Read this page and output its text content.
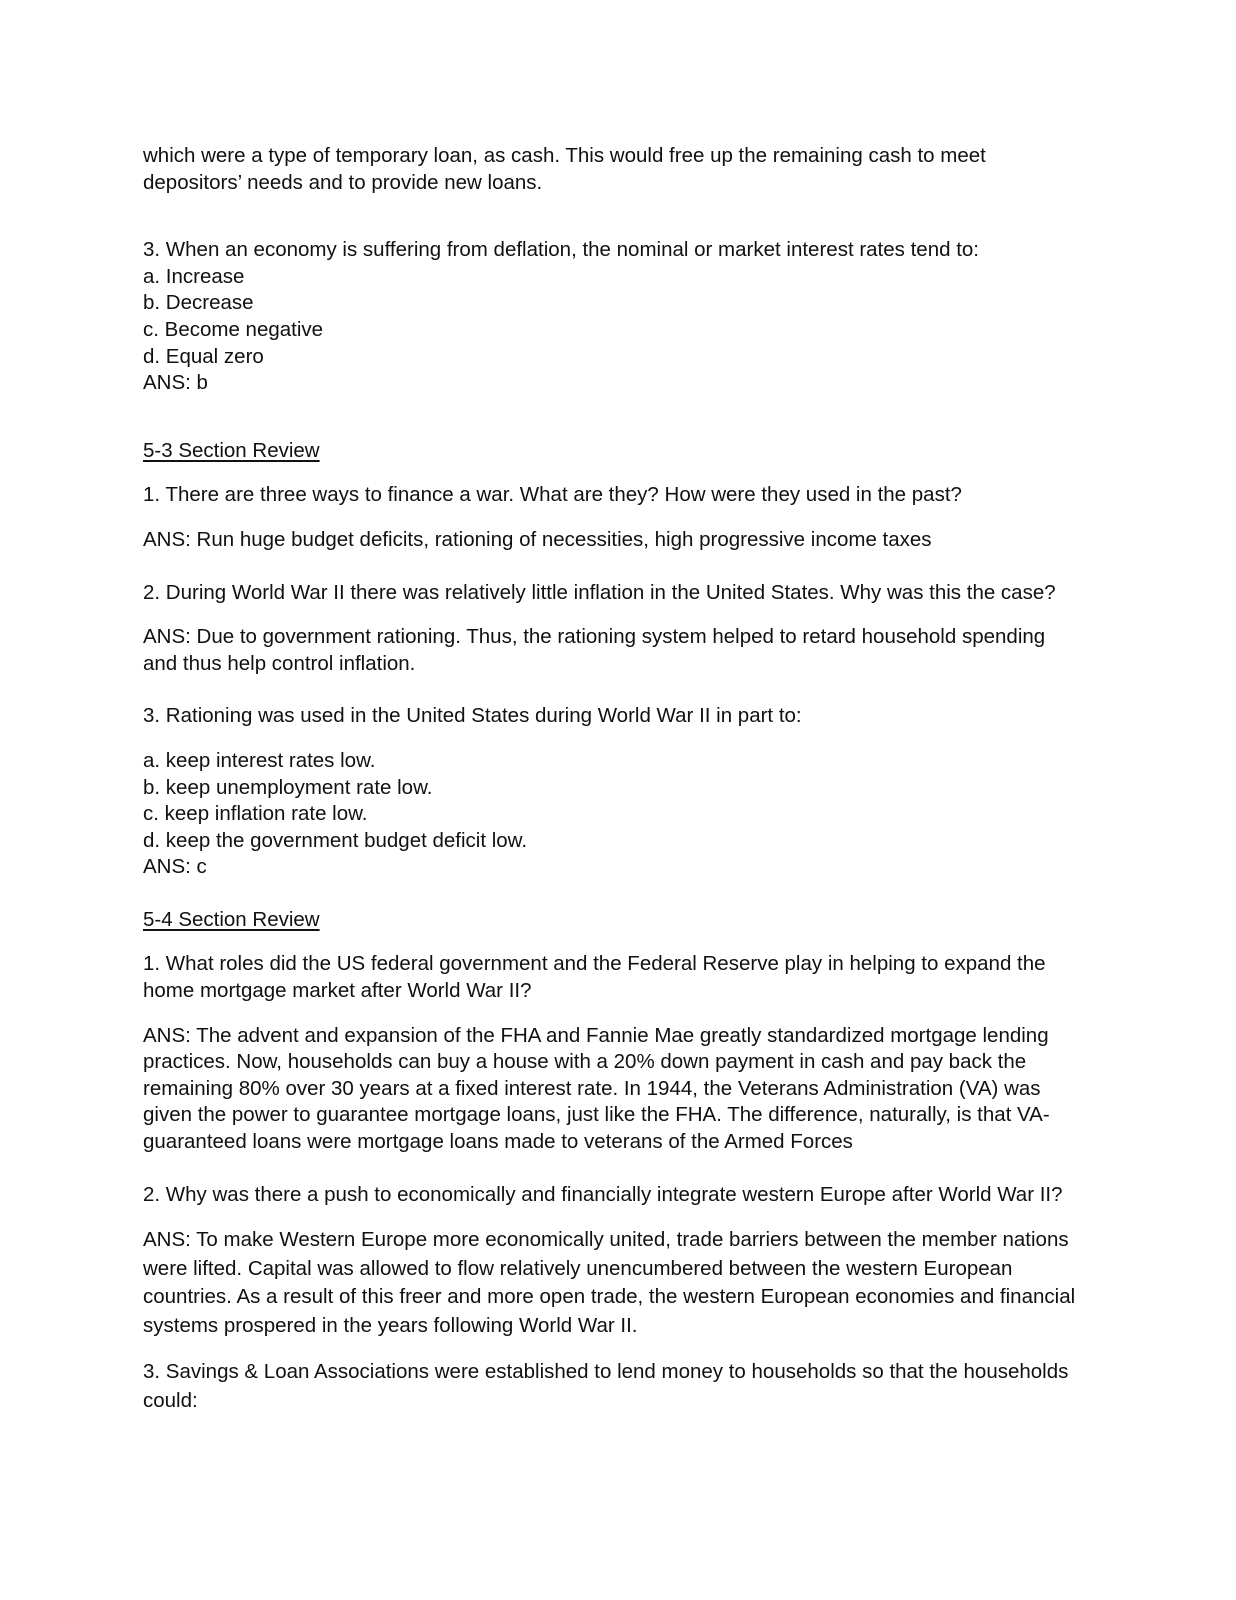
which were a type of temporary loan, as cash. This would free up the remaining cash to meet
depositors’ needs and to provide new loans.
3. When an economy is suffering from deflation, the nominal or market interest rates tend to:
a. Increase
b. Decrease
c. Become negative
d. Equal zero
ANS: b
5-3 Section Review
1. There are three ways to finance a war. What are they? How were they used in the past?
ANS: Run huge budget deficits, rationing of necessities, high progressive income taxes
2. During World War II there was relatively little inflation in the United States. Why was this the case?
ANS: Due to government rationing. Thus, the rationing system helped to retard household spending
and thus help control inflation.
3. Rationing was used in the United States during World War II in part to:
a. keep interest rates low.
b. keep unemployment rate low.
c. keep inflation rate low.
d. keep the government budget deficit low.
ANS: c
5-4 Section Review
1. What roles did the US federal government and the Federal Reserve play in helping to expand the
home mortgage market after World War II?
ANS: The advent and expansion of the FHA and Fannie Mae greatly standardized mortgage lending
practices. Now, households can buy a house with a 20% down payment in cash and pay back the
remaining 80% over 30 years at a fixed interest rate. In 1944, the Veterans Administration (VA) was
given the power to guarantee mortgage loans, just like the FHA. The difference, naturally, is that VA-
guaranteed loans were mortgage loans made to veterans of the Armed Forces
2. Why was there a push to economically and financially integrate western Europe after World War II?
ANS: To make Western Europe more economically united, trade barriers between the member nations
were lifted. Capital was allowed to flow relatively unencumbered between the western European
countries. As a result of this freer and more open trade, the western European economies and financial
systems prospered in the years following World War II.
3. Savings & Loan Associations were established to lend money to households so that the households
could:
